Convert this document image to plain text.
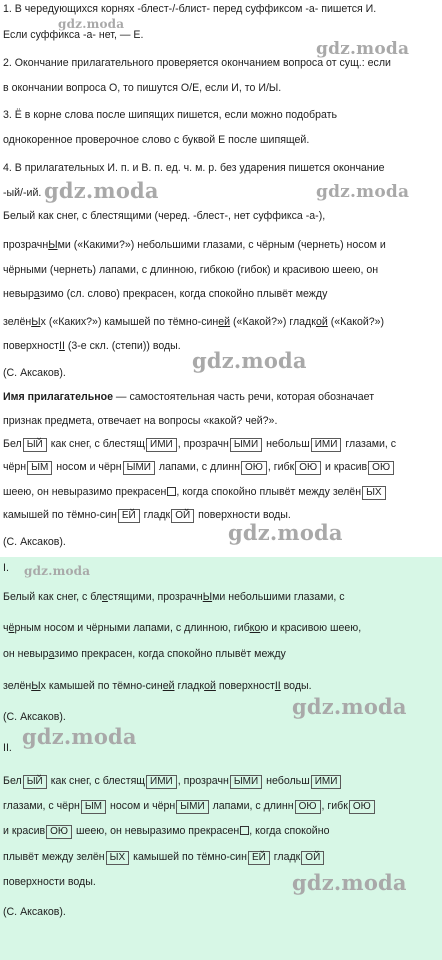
gdz.moda
gdz.moda
gdz.moda	gdz.moda
gdz.moda
gdz.moda
gdz.moda
gdz.moda
gdz.moda
gdz.moda
1. В чередующихся корнях -блест-/-блист- перед суффиксом -а- пишется И.
Если суффикса -а- нет, — Е.
2. Окончание прилагательного проверяется окончанием вопроса от сущ.: если
в окончании вопроса О, то пишутся О/Е, если И, то И/Ы.
3. Ё в корне слова после шипящих пишется, если можно подобрать
однокоренное проверочное слово с буквой Е после шипящей.
4. В прилагательных И. п. и В. п. ед. ч. м. р. без ударения пишется окончание
-ый/-ий.
Белый как снег, с блестящими (черед. -блест-, нет суффикса -а-),
прозрачнЫми («Какими?») небольшими глазами, с чёрным (чернеть) носом и
чёрными (чернеть) лапами, с длинною, гибкою (гибок) и красивою шеею, он
невыразимо (сл. слово) прекрасен, когда спокойно плывёт между
зелёнЫх («Каких?») камышей по тёмно-синей («Какой?») гладкой («Какой?»)
поверхностII (3-е скл. (степи)) воды.
(С. Аксаков).
Имя прилагательное — самостоятельная часть речи, которая обозначает
признак предмета, отвечает на вопросы «какой? чей?».
Бел ЫЙ как снег, с блестящ ИМИ , прозрачн ЫМИ небольш ИМИ глазами, с
чёрн ЫМ носом и чёрн ЫМИ лапами, с длинн ОЮ , гибк ОЮ и красив ОЮ
шеею, он невыразимо прекрасен , когда спокойно плывёт между зелён ЫХ
камышей по тёмно-син ЕЙ гладк ОЙ поверхности воды.
(С. Аксаков).
I.
Белый как снег, с блестящими, прозрачнЫми небольшими глазами, с
чёрным носом и чёрными лапами, с длинною, гибкою и красивою шеею,
он невыразимо прекрасен, когда спокойно плывёт между
зелёнЫх камышей по тёмно-синей гладкой поверхностII воды.
(С. Аксаков).
II.
Бел ЫЙ как снег, с блестящ ИМИ , прозрачн ЫМИ небольш ИМИ
глазами, с чёрн ЫМ носом и чёрн ЫМИ лапами, с длинн ОЮ , гибк ОЮ
и красив ОЮ шеею, он невыразимо прекрасен , когда спокойно
плывёт между зелён ЫХ камышей по тёмно-син ЕЙ гладк ОЙ
поверхности воды.
(С. Аксаков).
